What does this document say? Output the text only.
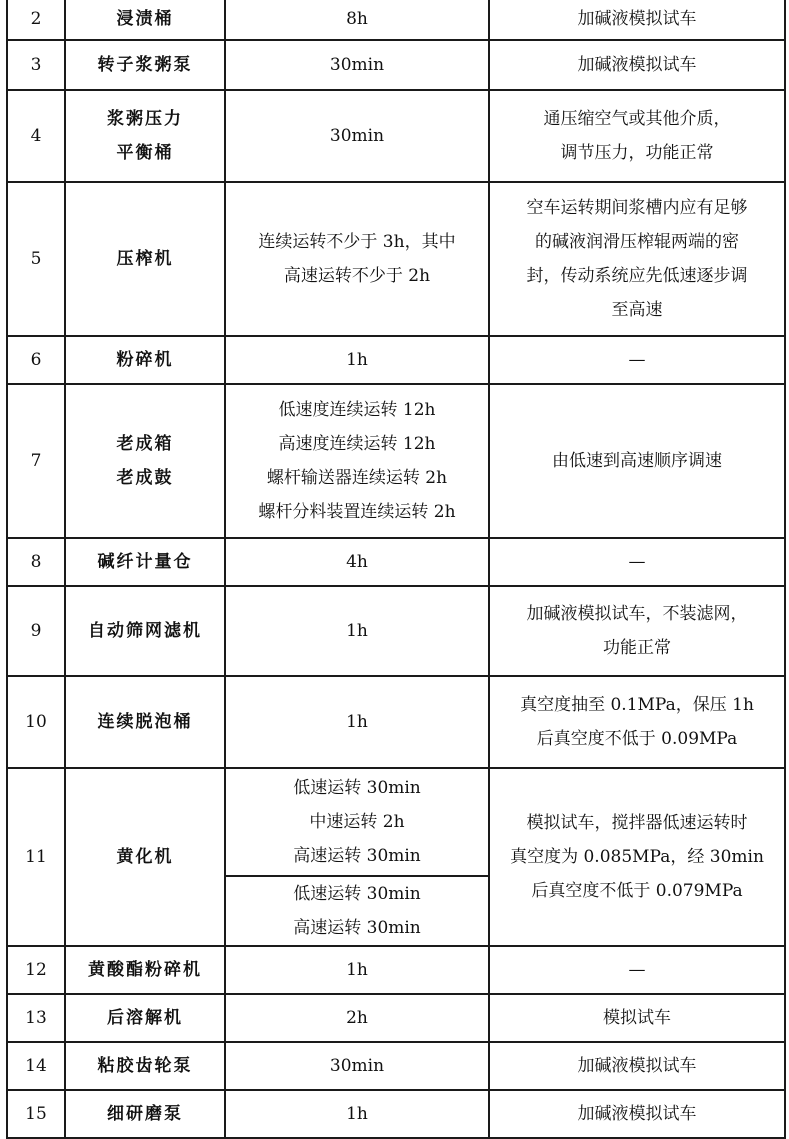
2	浸渍桶	8h	加碱液模拟试车

3	转子浆粥泵	30min	加碱液模拟试车

4	浆粥压力
平衡桶	30min	通压缩空气或其他介质，
调节压力，功能正常

5	压榨机	连续运转不少于 3h，其中
高速运转不少于 2h	空车运转期间浆槽内应有足够
的碱液润滑压榨辊两端的密
封，传动系统应先低速逐步调
至高速

6	粉碎机	1h	—

7	老成箱
老成鼓	低速度连续运转 12h
高速度连续运转 12h
螺杆输送器连续运转 2h
螺杆分料装置连续运转 2h	由低速到高速顺序调速

8	碱纤计量仓	4h	—

9	自动筛网滤机	1h	加碱液模拟试车，不装滤网，
功能正常

10	连续脱泡桶	1h	真空度抽至 0.1MPa，保压 1h
后真空度不低于 0.09MPa

11	黄化机	低速运转 30min
中速运转 2h
高速运转 30min	模拟试车，搅拌器低速运转时
真空度为 0.085MPa，经 30min
后真空度不低于 0.079MPa

		低速运转 30min
高速运转 30min	

12	黄酸酯粉碎机	1h	—

13	后溶解机	2h	模拟试车

14	粘胶齿轮泵	30min	加碱液模拟试车

15	细研磨泵	1h	加碱液模拟试车
